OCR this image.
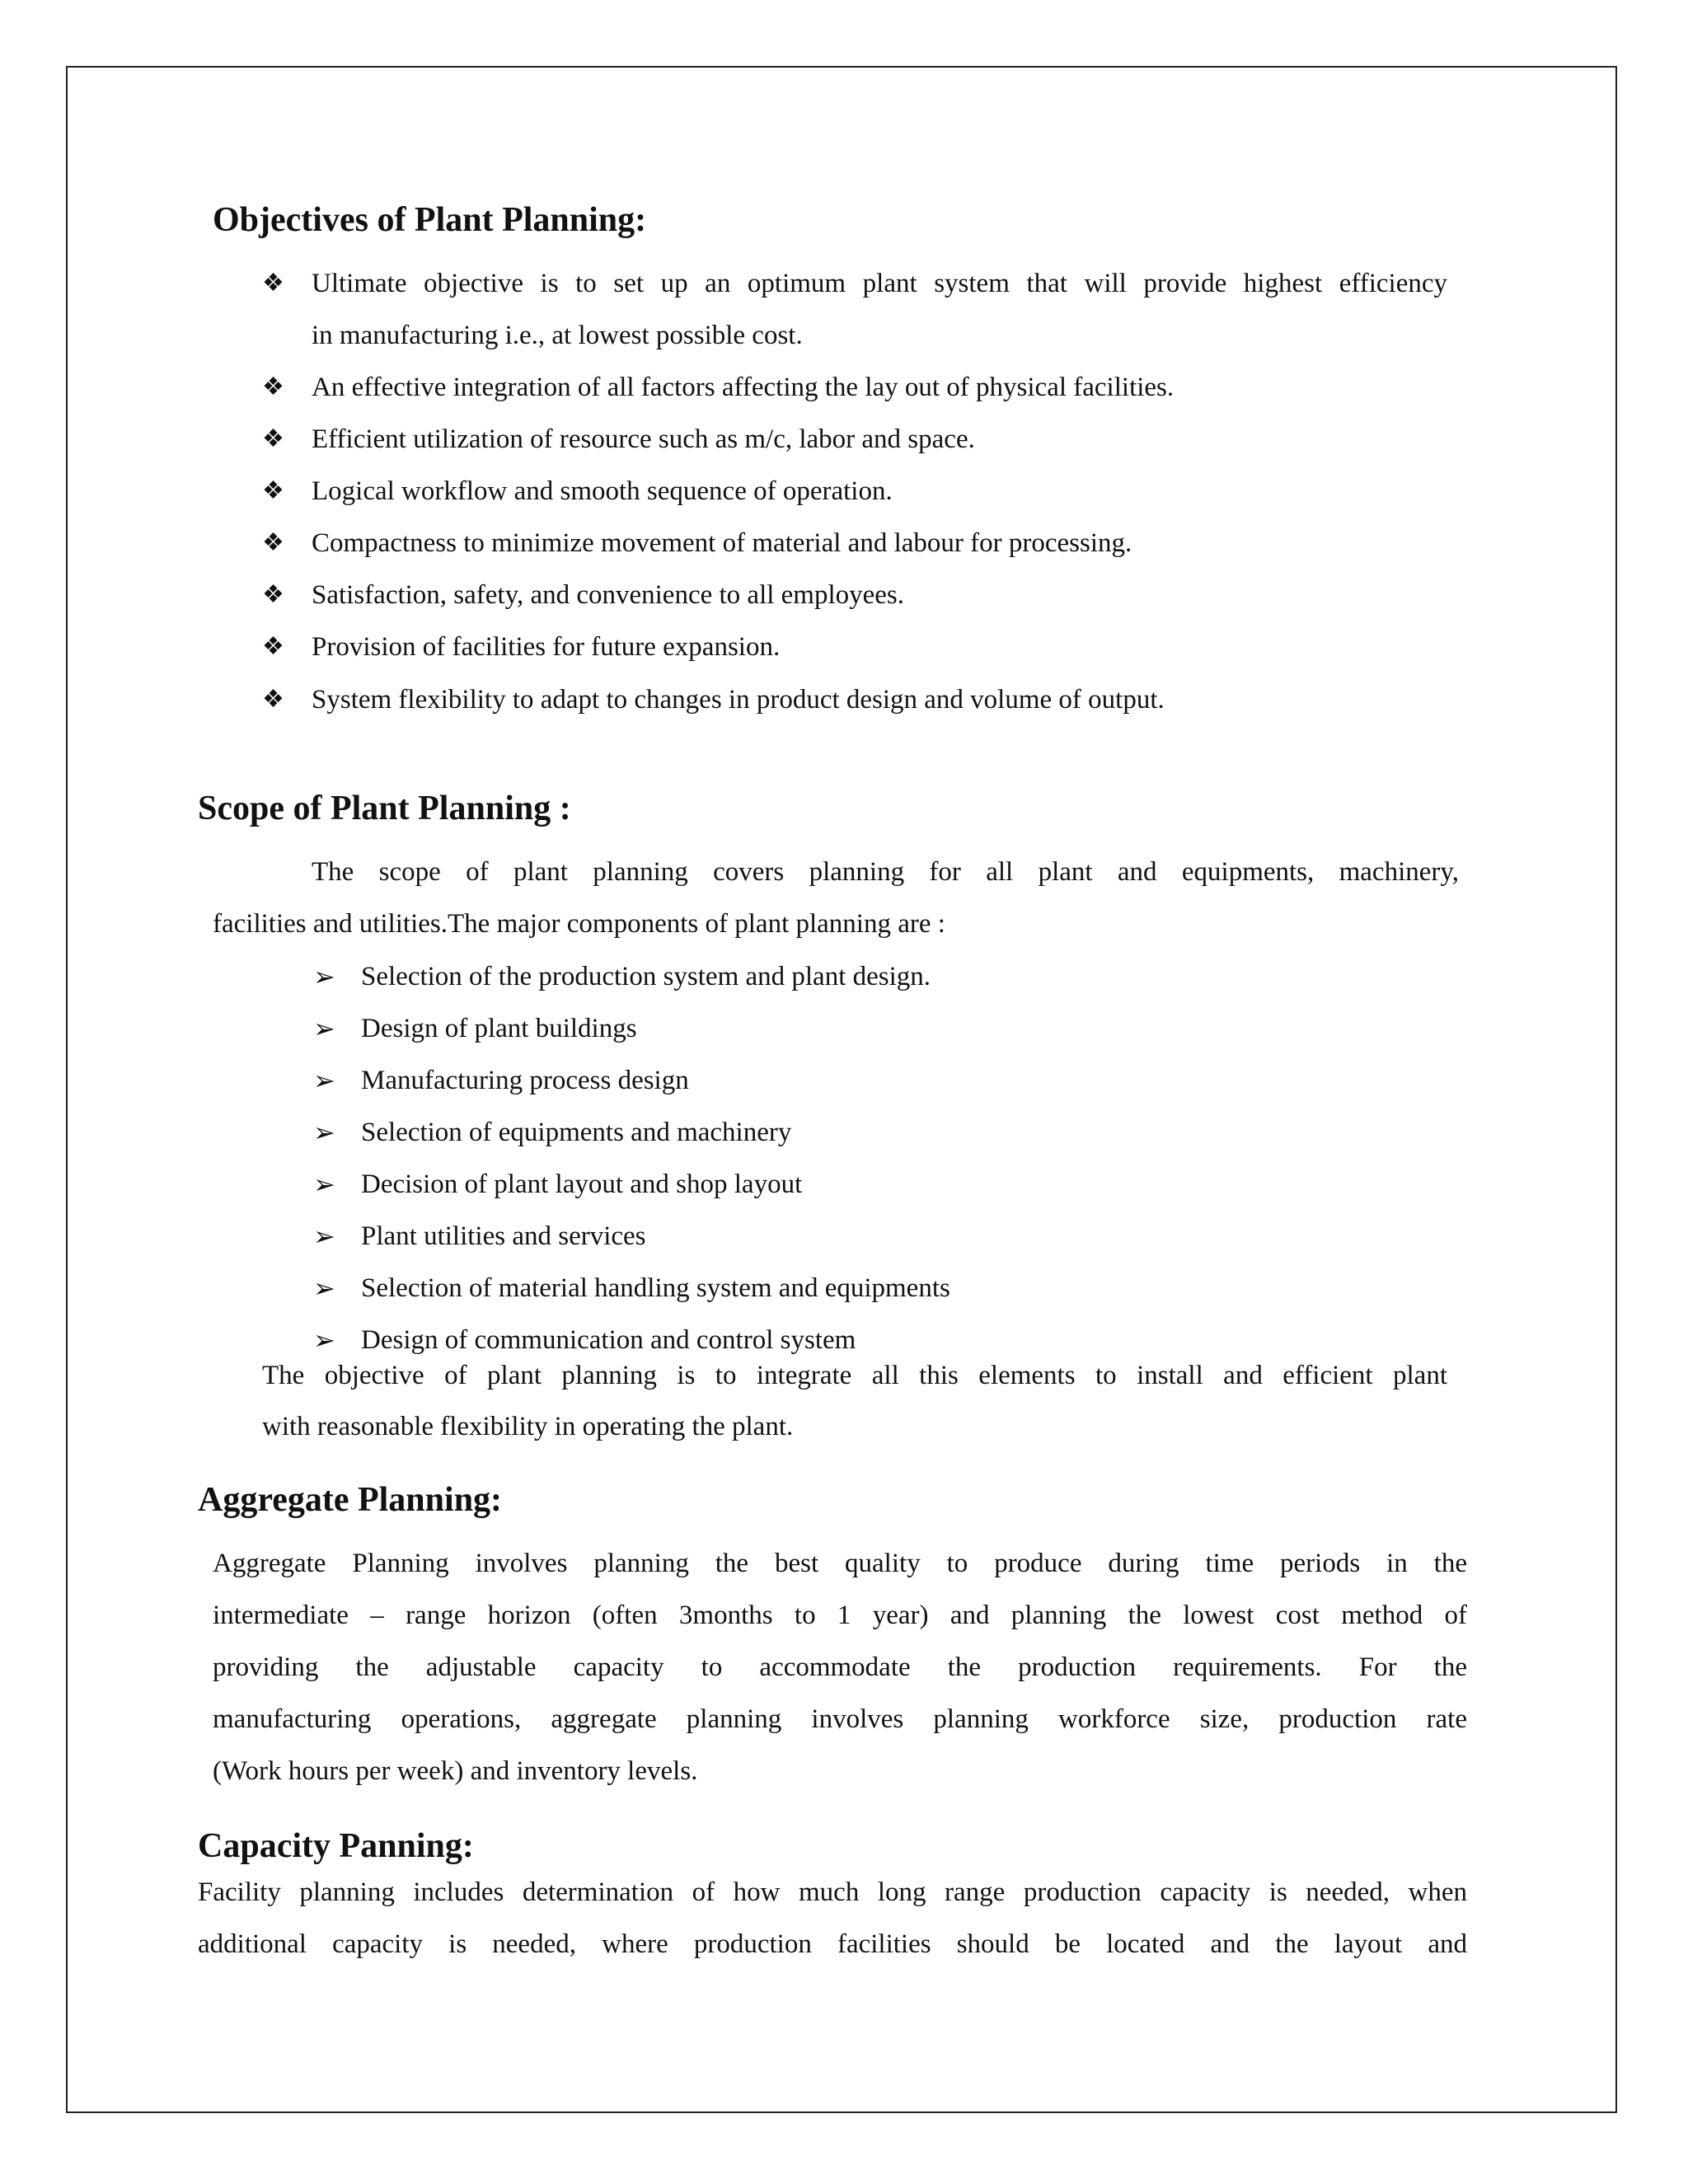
Objectives of Plant Planning:
❖ Ultimate objective is to set up an optimum plant system that will provide highest efficiency

in manufacturing i.e., at lowest possible cost.

❖ An effective integration of all factors affecting the lay out of physical facilities.

❖ Efficient utilization of resource such as m/c, labor and space.

❖ Logical workflow and smooth sequence of operation.

❖ Compactness to minimize movement of material and labour for processing.

❖ Satisfaction, safety, and convenience to all employees.

❖ Provision of facilities for future expansion.

❖ System flexibility to adapt to changes in product design and volume of output.

Scope of Plant Planning :

The scope of plant planning covers planning for all plant and equipments, machinery,

facilities and utilities.The major components of plant planning are :

➢ Selection of the production system and plant design.

➢ Design of plant buildings

➢ Manufacturing process design

➢ Selection of equipments and machinery

➢ Decision of plant layout and shop layout

➢ Plant utilities and services

➢ Selection of material handling system and equipments

➢ Design of communication and control system

The objective of plant planning is to integrate all this elements to install and efficient plant

with reasonable flexibility in operating the plant.

Aggregate Planning:

Aggregate Planning involves planning the best quality to produce during time periods in the

intermediate – range horizon (often 3months to 1 year) and planning the lowest cost method of

providing the adjustable capacity to accommodate the production requirements. For the

manufacturing operations, aggregate planning involves planning workforce size, production rate

(Work hours per week) and inventory levels.

Capacity Panning:

Facility planning includes determination of how much long range production capacity is needed, when

additional capacity is needed, where production facilities should be located and the layout and
